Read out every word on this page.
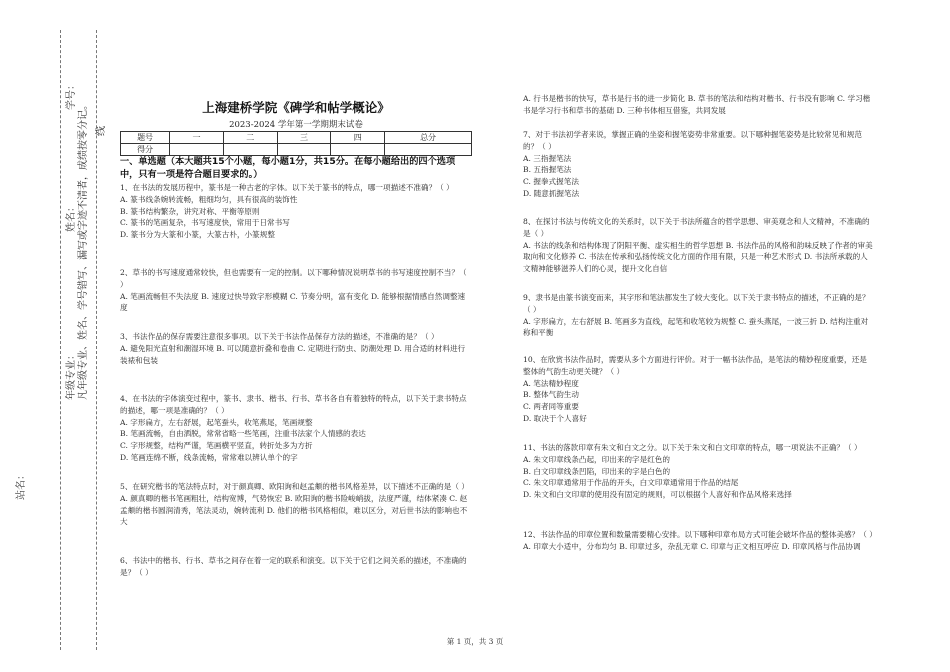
学号：
线
姓名： 凡年级专业、姓名、学号错写、漏写或字迹不清者，成绩按零分记。
年级专业：
站名：
上海建桥学院《碑学和帖学概论》
2023-2024 学年第一学期期末试卷
题号	一	二	三	四	总分
得分					
一、单选题（本大题共15个小题，每小题1分，共15分。在每小题给出的四个选项中，只有一项是符合题目要求的。）

1、在书法的发展历程中，篆书是一种古老的字体。以下关于篆书的特点，哪一项描述不准确？（ ）

A. 篆书线条婉转流畅，粗细均匀，具有很高的装饰性

B. 篆书结构繁杂，讲究对称、平衡等原则

C. 篆书的笔画复杂，书写速度快，常用于日常书写

D. 篆书分为大篆和小篆，大篆古朴，小篆规整

2、草书的书写速度通常较快，但也需要有一定的控制。以下哪种情况说明草书的书写速度控制不当？（ ）

A. 笔画流畅但不失法度 B. 速度过快导致字形模糊 C. 节奏分明，富有变化 D. 能够根据情感自然调整速度

3、书法作品的保存需要注意很多事项。以下关于书法作品保存方法的描述，不准确的是？（ ）

A. 避免阳光直射和潮湿环境 B. 可以随意折叠和卷曲 C. 定期进行防虫、防潮处理 D. 用合适的材料进行装裱和包装

4、在书法的字体演变过程中，篆书、隶书、楷书、行书、草书各自有着独特的特点，以下关于隶书特点的描述，哪一项是准确的？（ ）

A. 字形扁方，左右舒展，起笔蚕头，收笔燕尾，笔画规整

B. 笔画流畅，自由洒脱，常常省略一些笔画，注重书法家个人情感的表达

C. 字形规整，结构严谨，笔画横平竖直，转折处多为方折

D. 笔画连绵不断，线条流畅，常常难以辨认单个的字

5、在研究楷书的笔法特点时，对于颜真卿、欧阳询和赵孟頫的楷书风格差异，以下描述不正确的是（ ）

A. 颜真卿的楷书笔画粗壮，结构宽博，气势恢宏 B. 欧阳询的楷书险峻峭拔，法度严谨，结体紧凑 C. 赵孟頫的楷书圆润清秀，笔法灵动，婉转流利 D. 他们的楷书风格相似，难以区分，对后世书法的影响也不大

6、书法中的楷书、行书、草书之间存在着一定的联系和演变。以下关于它们之间关系的描述，不准确的是？（ ）

A. 行书是楷书的快写，草书是行书的进一步简化 B. 草书的笔法和结构对楷书、行书没有影响 C. 学习楷书是学习行书和草书的基础 D. 三种书体相互借鉴，共同发展

7、对于书法初学者来说，掌握正确的坐姿和握笔姿势非常重要。以下哪种握笔姿势是比较常见和规范的？（ ）

A. 三指握笔法

B. 五指握笔法

C. 握拳式握笔法

D. 随意抓握笔法

8、在探讨书法与传统文化的关系时，以下关于书法所蕴含的哲学思想、审美观念和人文精神，不准确的是（ ）

A. 书法的线条和结构体现了阴阳平衡、虚实相生的哲学思想 B. 书法作品的风格和韵味反映了作者的审美取向和文化修养 C. 书法在传承和弘扬传统文化方面的作用有限，只是一种艺术形式 D. 书法所承载的人文精神能够滋养人们的心灵，提升文化自信

9、隶书是由篆书演变而来，其字形和笔法都发生了较大变化。以下关于隶书特点的描述，不正确的是？（ ）

A. 字形扁方，左右舒展 B. 笔画多为直线，起笔和收笔较为规整 C. 蚕头燕尾，一波三折 D. 结构注重对称和平衡

10、在欣赏书法作品时，需要从多个方面进行评价。对于一幅书法作品，是笔法的精妙程度重要，还是整体的气韵生动更关键？（ ）

A. 笔法精妙程度

B. 整体气韵生动

C. 两者同等重要

D. 取决于个人喜好

11、书法的落款印章有朱文和白文之分。以下关于朱文和白文印章的特点，哪一项说法不正确？（ ）

A. 朱文印章线条凸起，印出来的字是红色的

B. 白文印章线条凹陷，印出来的字是白色的

C. 朱文印章通常用于作品的开头，白文印章通常用于作品的结尾

D. 朱文和白文印章的使用没有固定的规则，可以根据个人喜好和作品风格来选择

12、书法作品的印章位置和数量需要精心安排。以下哪种印章布局方式可能会破坏作品的整体美感？（ ）

A. 印章大小适中，分布均匀 B. 印章过多，杂乱无章 C. 印章与正文相互呼应 D. 印章风格与作品协调

第 1 页，共 3 页
